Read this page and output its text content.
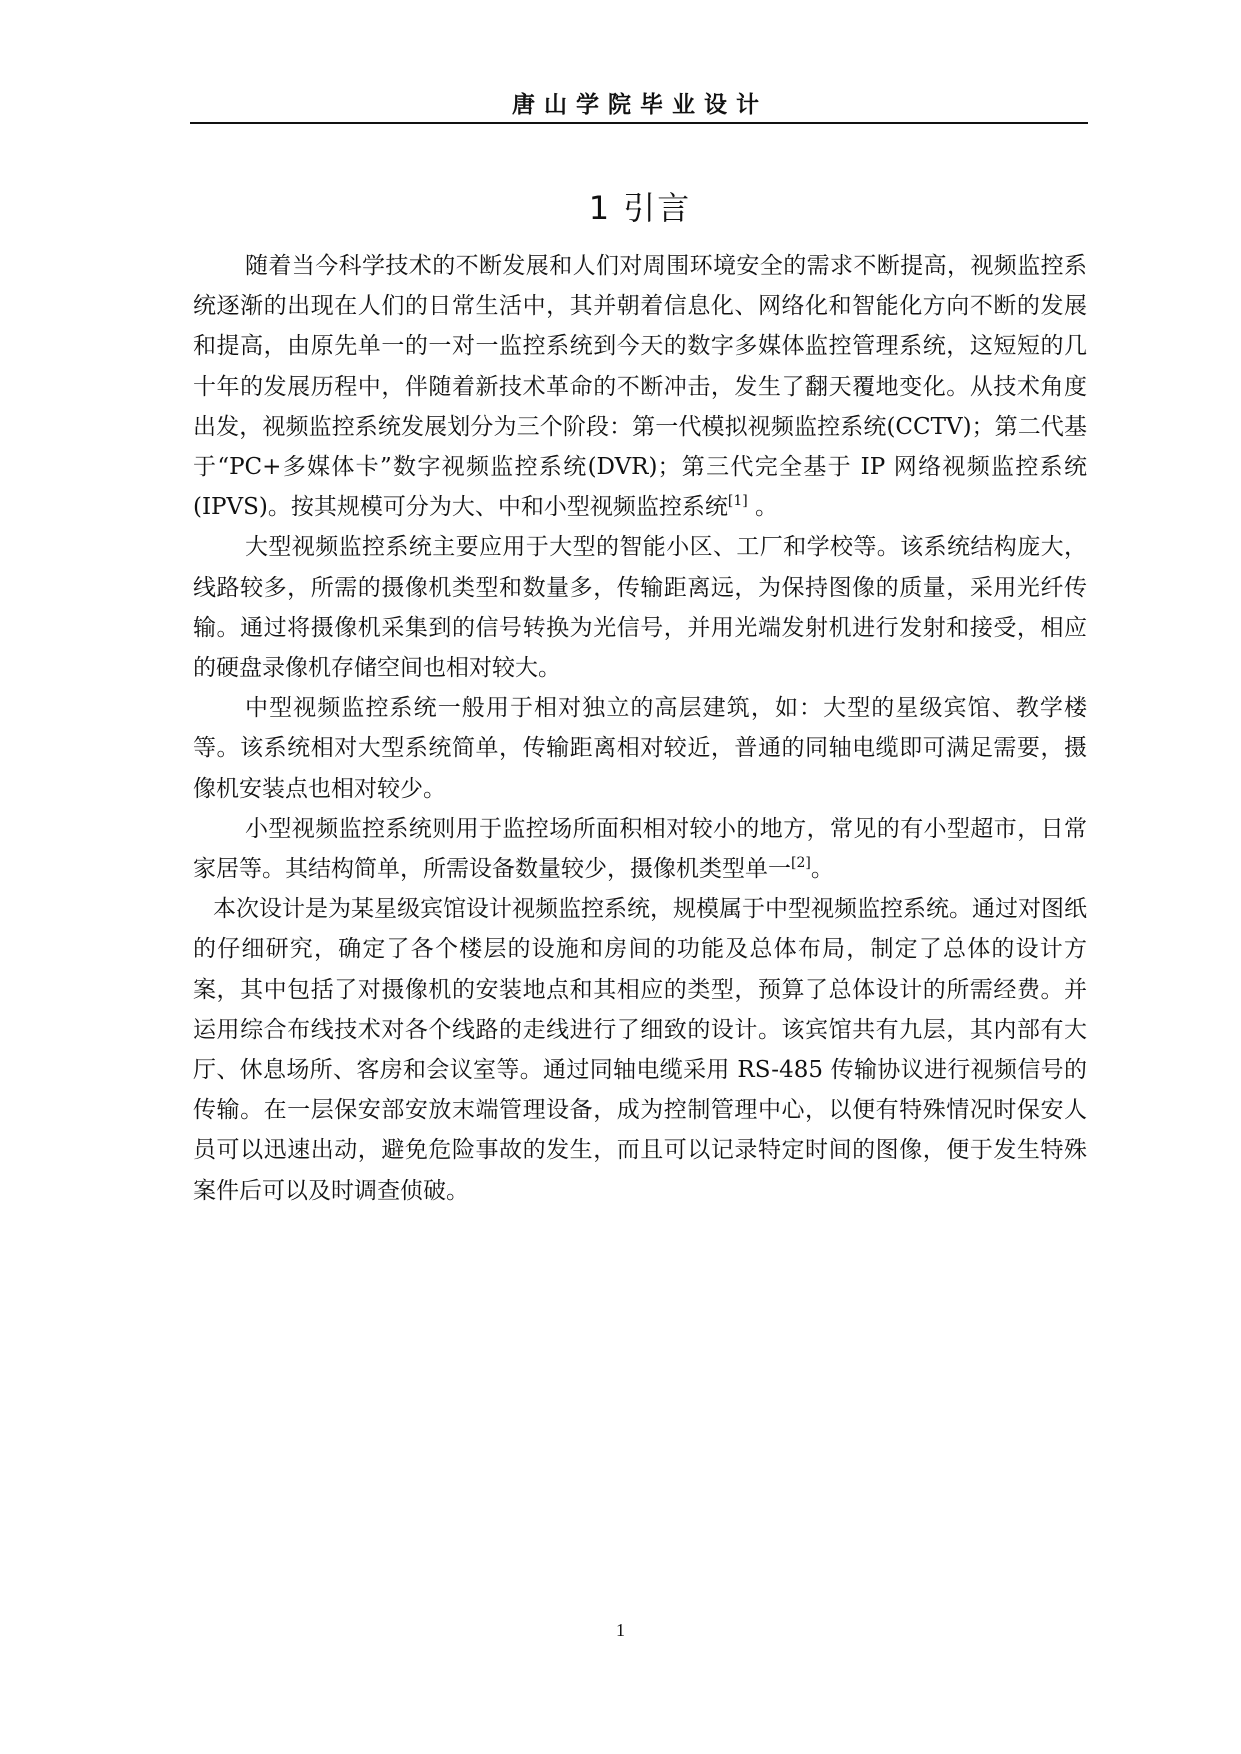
唐山学院毕业设计
1 引言

随着当今科学技术的不断发展和人们对周围环境安全的需求不断提高，视频监控系统逐渐的出现在人们的日常生活中，其并朝着信息化、网络化和智能化方向不断的发展和提高，由原先单一的一对一监控系统到今天的数字多媒体监控管理系统，这短短的几十年的发展历程中，伴随着新技术革命的不断冲击，发生了翻天覆地变化。从技术角度出发，视频监控系统发展划分为三个阶段：第一代模拟视频监控系统(CCTV)；第二代基于“PC+多媒体卡”数字视频监控系统(DVR)；第三代完全基于 IP 网络视频监控系统(IPVS)。按其规模可分为大、中和小型视频监控系统[1] 。

大型视频监控系统主要应用于大型的智能小区、工厂和学校等。该系统结构庞大，线路较多，所需的摄像机类型和数量多，传输距离远，为保持图像的质量，采用光纤传输。通过将摄像机采集到的信号转换为光信号，并用光端发射机进行发射和接受，相应的硬盘录像机存储空间也相对较大。

中型视频监控系统一般用于相对独立的高层建筑，如：大型的星级宾馆、教学楼等。该系统相对大型系统简单，传输距离相对较近，普通的同轴电缆即可满足需要，摄像机安装点也相对较少。

小型视频监控系统则用于监控场所面积相对较小的地方，常见的有小型超市，日常家居等。其结构简单，所需设备数量较少，摄像机类型单一[2]。

本次设计是为某星级宾馆设计视频监控系统，规模属于中型视频监控系统。通过对图纸的仔细研究，确定了各个楼层的设施和房间的功能及总体布局，制定了总体的设计方案，其中包括了对摄像机的安装地点和其相应的类型，预算了总体设计的所需经费。并运用综合布线技术对各个线路的走线进行了细致的设计。该宾馆共有九层，其内部有大厅、休息场所、客房和会议室等。通过同轴电缆采用 RS-485 传输协议进行视频信号的传输。在一层保安部安放末端管理设备，成为控制管理中心，以便有特殊情况时保安人员可以迅速出动，避免危险事故的发生，而且可以记录特定时间的图像，便于发生特殊案件后可以及时调查侦破。

1
